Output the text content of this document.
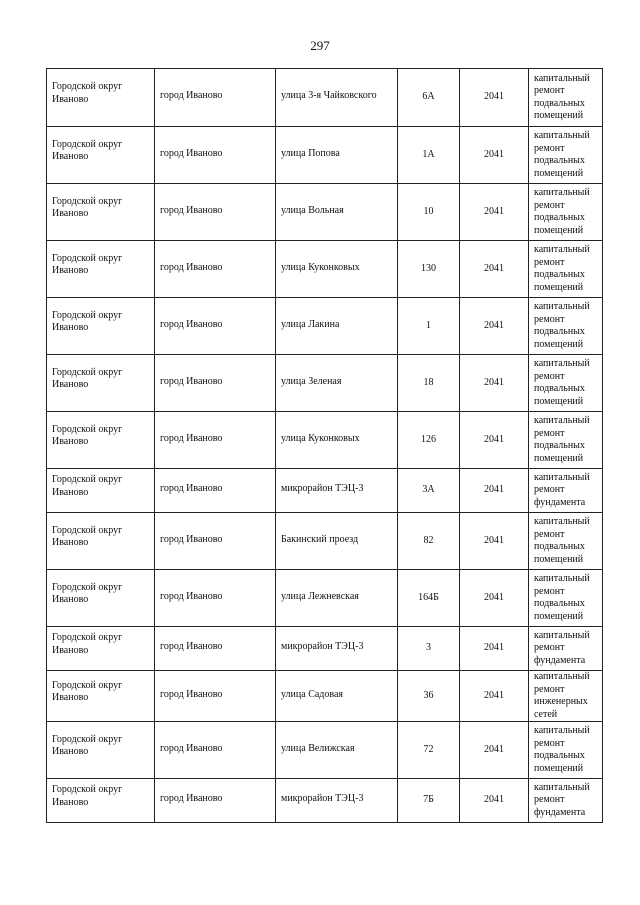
297
Городской округ Иваново	город Иваново	улица 3-я Чайковского	6А	2041	капитальный ремонт подвальных помещений

Городской округ Иваново	город Иваново	улица Попова	1А	2041	капитальный ремонт подвальных помещений

Городской округ Иваново	город Иваново	улица Вольная	10	2041	капитальный ремонт подвальных помещений

Городской округ Иваново	город Иваново	улица Куконковых	130	2041	капитальный ремонт подвальных помещений

Городской округ Иваново	город Иваново	улица Лакина	1	2041	капитальный ремонт подвальных помещений

Городской округ Иваново	город Иваново	улица Зеленая	18	2041	капитальный ремонт подвальных помещений

Городской округ Иваново	город Иваново	улица Куконковых	126	2041	капитальный ремонт подвальных помещений

Городской округ Иваново	город Иваново	микрорайон ТЭЦ-3	3А	2041	капитальный ремонт фундамента

Городской округ Иваново	город Иваново	Бакинский проезд	82	2041	капитальный ремонт подвальных помещений

Городской округ Иваново	город Иваново	улица Лежневская	164Б	2041	капитальный ремонт подвальных помещений

Городской округ Иваново	город Иваново	микрорайон ТЭЦ-3	3	2041	капитальный ремонт фундамента

Городской округ Иваново	город Иваново	улица Садовая	36	2041	капитальный ремонт инженерных сетей

Городской округ Иваново	город Иваново	улица Велижская	72	2041	капитальный ремонт подвальных помещений

Городской округ Иваново	город Иваново	микрорайон ТЭЦ-3	7Б	2041	капитальный ремонт фундамента
